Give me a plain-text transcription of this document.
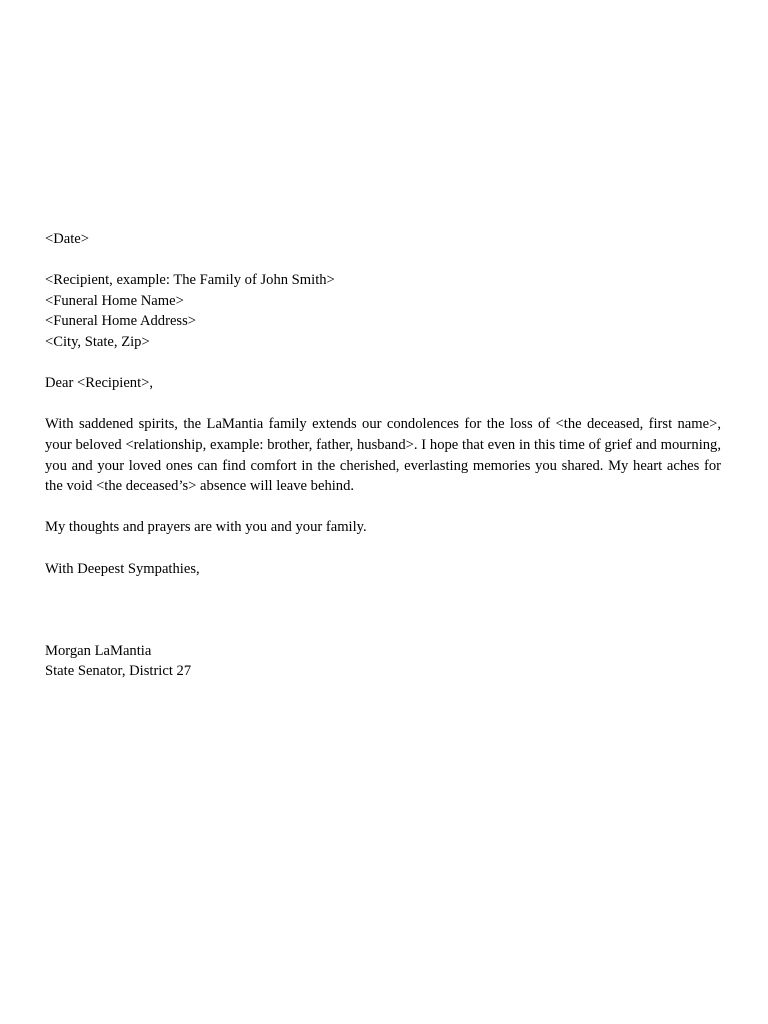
<Date>
<Recipient, example: The Family of John Smith>
<Funeral Home Name>
<Funeral Home Address>
<City, State, Zip>
Dear <Recipient>,
With saddened spirits, the LaMantia family extends our condolences for the loss of <the deceased, first name>, your beloved <relationship, example: brother, father, husband>. I hope that even in this time of grief and mourning, you and your loved ones can find comfort in the cherished, everlasting memories you shared. My heart aches for the void <the deceased’s> absence will leave behind.
My thoughts and prayers are with you and your family.
With Deepest Sympathies,
Morgan LaMantia
State Senator, District 27
